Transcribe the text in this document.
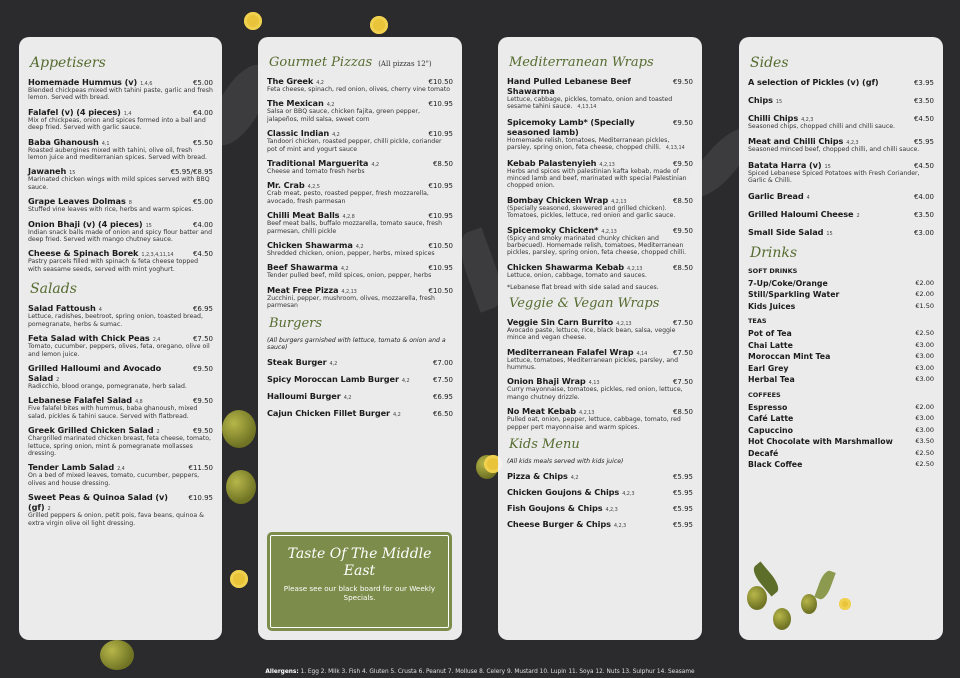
Appetisers
Homemade Hummus (v) 1,4,6	€5.00
Blended chickpeas mixed with tahini paste, garlic and fresh lemon. Served with bread.
Falafel (v) (4 pieces) 1,4	€4.00
Mix of chickpeas, onion and spices formed into a ball and deep fried. Served with garlic sauce.
Baba Ghanoush 4,1	€5.50
Roasted aubergines mixed with tahini, olive oil, fresh lemon juice and mediterranian spices. Served with bread.
Jawaneh 15	€5.95/€8.95
Marinated chicken wings with mild spices served with BBQ sauce.
Grape Leaves Dolmas 8	€5.00
Stuffed vine leaves with rice, herbs and warm spices.
Onion Bhaji (v) (4 pieces) 15	€4.00
Indian snack balls made of onion and spicy flour batter and deep fried. Served with mango chutney sauce.
Cheese & Spinach Borek 1,2,3,4,11,14	€4.50
Pastry parcels filled with spinach & feta cheese topped with seasame seeds, served with mint yoghurt.
Salads
Salad Fattoush 4	€6.95
Lettuce, radishes, beetroot, spring onion, toasted bread, pomegranate, herbs & sumac.
Feta Salad with Chick Peas 2,4	€7.50
Tomato, cucumber, peppers, olives, feta, oregano, olive oil and lemon juice.
Grilled Halloumi and Avocado Salad 2
€9.50
Radicchio, blood orange, pomegranate, herb salad.
Lebanese Falafel Salad 4,8	€9.50
Five falafel bites with hummus, baba ghanoush, mixed salad, pickles & tahini sauce. Served with flatbread.
Greek Grilled Chicken Salad 2	€9.50
Chargrilled marinated chicken breast, feta cheese, tomato, lettuce, spring onion, mint & pomegranate mollasses dressing.
Tender Lamb Salad 2,4	€11.50
On a bed of mixed leaves, tomato, cucumber, peppers, olives and house dressing.
Sweet Peas & Quinoa Salad (v) (gf) 2
€10.95
Grilled peppers & onion, petit pois, fava beans, quinoa & extra virgin olive oil light dressing.
Gourmet Pizzas (All pizzas 12")
The Greek 4,2	€10.50
Feta cheese, spinach, red onion, olives, cherry vine tomato
The Mexican 4,2	€10.95
Salsa or BBQ sauce, chicken fajita, green pepper, jalapeños, mild salsa, sweet corn
Classic Indian 4,2	€10.95
Tandoori chicken, roasted pepper, chilli pickle, coriander pot of mint and yogurt sauce
Traditional Marguerita 4,2	€8.50
Cheese and tomato fresh herbs
Mr. Crab 4,2,5	€10.95
Crab meat, pesto, roasted pepper, fresh mozzarella, avocado, fresh parmesan
Chilli Meat Balls 4,2,8	€10.95
Beef meat balls, buffalo mozzarella, tomato sauce, fresh parmesan, chilli pickle
Chicken Shawarma 4,2	€10.50
Shredded chicken, onion, pepper, herbs, mixed spices
Beef Shawarma 4,2	€10.95
Tender pulled beef, mild spices, onion, pepper, herbs
Meat Free Pizza 4,2,13	€10.50
Zucchini, pepper, mushroom, olives, mozzarella, fresh parmesan
Burgers
(All burgers garnished with lettuce, tomato & onion and a sauce)
Steak Burger 4,2	€7.00
Spicy Moroccan Lamb Burger 4,2	€7.50
Halloumi Burger 4,2	€6.95
Cajun Chicken Fillet Burger 4,2	€6.50
Taste Of The Middle East
Please see our black board for our Weekly Specials.
Mediterranean Wraps
Hand Pulled Lebanese Beef Shawarma
€9.50
Lettuce, cabbage, pickles, tomato, onion and toasted sesame tahini sauce. 4,13,14
Spicemoky Lamb* (Specially seasoned lamb)
€9.50
Homemade relish, tomatoes, Mediterranean pickles, parsley, spring onion, feta cheese, chopped chilli. 4,13,14
Kebab Palastenyieh 4,2,13	€9.50
Herbs and spices with palestinian kafta kebab, made of minced lamb and beef, marinated with special Palestinian chopped onion.
Bombay Chicken Wrap 4,2,13	€8.50
(Specially seasoned, skewered and grilled chicken). Tomatoes, pickles, lettuce, red onion and garlic sauce.
Spicemoky Chicken* 4,2,13	€9.50
(Spicy and smoky marinated chunky chicken and barbecued). Homemade relish, tomatoes, Mediterranean pickles, parsley, spring onion, feta cheese, chopped chilli.
Chicken Shawarma Kebab 4,2,13	€8.50
Lettuce, onion, cabbage, tomato and sauces.
*Lebanese flat bread with side salad and sauces.
Veggie & Vegan Wraps
Veggie Sin Carn Burrito 4,2,13	€7.50
Avocado paste, lettuce, rice, black bean, salsa, veggie mince and vegan cheese.
Mediterranean Falafel Wrap 4,14	€7.50
Lettuce, tomatoes, Mediterranean pickles, parsley, and hummus.
Onion Bhaji Wrap 4,13	€7.50
Curry mayonnaise, tomatoes, pickles, red onion, lettuce, mango chutney drizzle.
No Meat Kebab 4,2,13	€8.50
Pulled oat, onion, pepper, lettuce, cabbage, tomato, red pepper pert mayonnaise and warm spices.
Kids Menu
(All kids meals served with kids juice)
Pizza & Chips 4,2	€5.95
Chicken Goujons & Chips 4,2,3	€5.95
Fish Goujons & Chips 4,2,3	€5.95
Cheese Burger & Chips 4,2,3	€5.95
Sides
A selection of Pickles (v) (gf)	€3.95
Chips 15	€3.50
Chilli Chips 4,2,3	€4.50
Seasoned chips, chopped chilli and chilli sauce.
Meat and Chilli Chips 4,2,3	€5.95
Seasoned minced beef, chopped chilli, and chilli sauce.
Batata Harra (v) 15	€4.50
Spiced Lebanese Spiced Potatoes with Fresh Coriander, Garlic & Chilli.
Garlic Bread 4	€4.00
Grilled Haloumi Cheese 2	€3.50
Small Side Salad 15	€3.00
Drinks
SOFT DRINKS
7-Up/Coke/Orange	€2.00
Still/Sparkling Water	€2.00
Kids Juices	€1.50
TEAS
Pot of Tea	€2.50
Chai Latte	€3.00
Moroccan Mint Tea	€3.00
Earl Grey	€3.00
Herbal Tea	€3.00
COFFEES
Espresso	€2.00
Café Latte	€3.00
Capuccino	€3.00
Hot Chocolate with Marshmallow	€3.50
Decafé	€2.50
Black Coffee	€2.50
Allergens: 1. Egg 2. Milk 3. Fish 4. Gluten 5. Crusta 6. Peanut 7. Molluse 8. Celery 9. Mustard 10. Lupin 11. Soya 12. Nuts 13. Sulphur 14. Seasame
